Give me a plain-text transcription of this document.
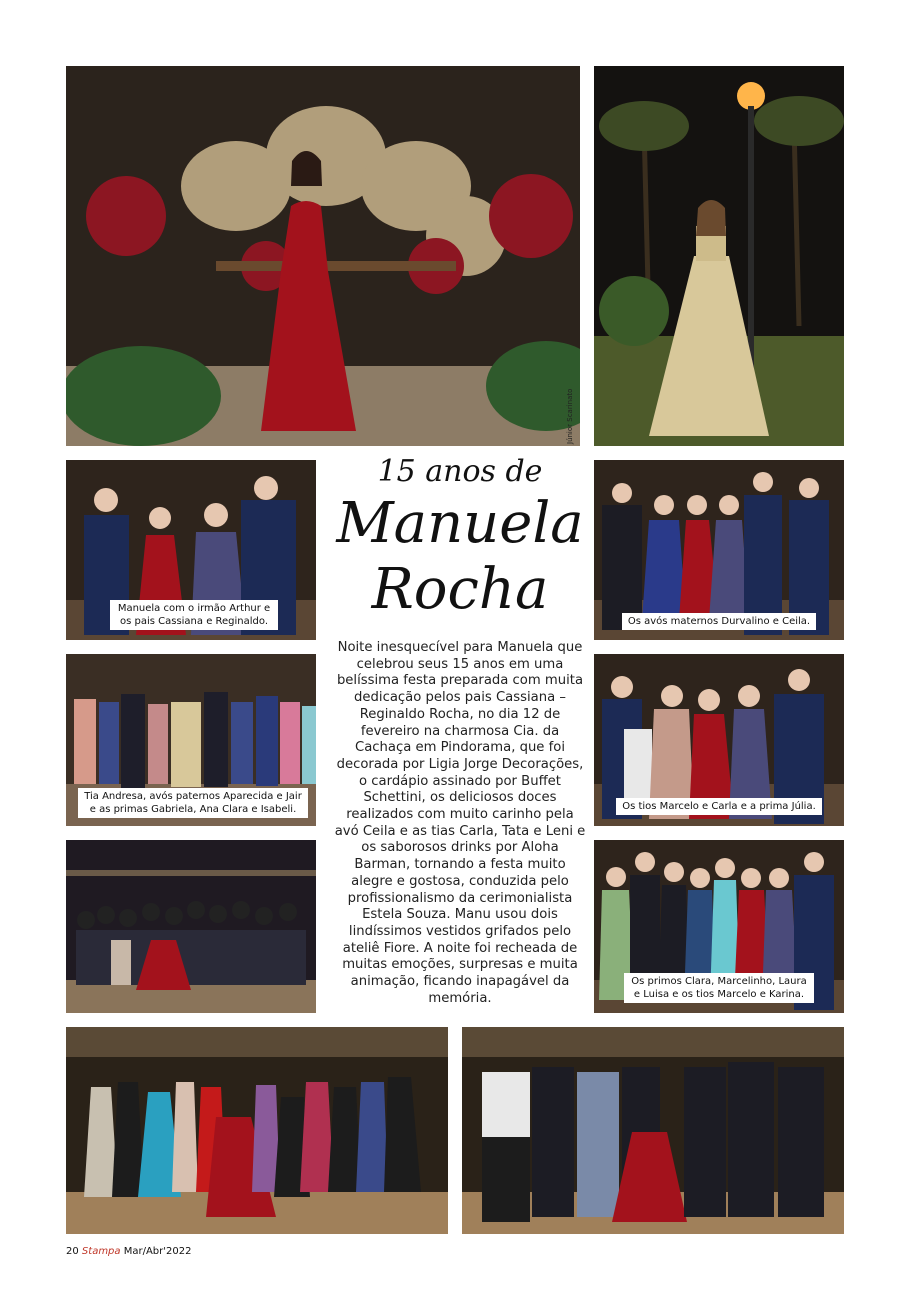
Júnior Scarinato
Manuela com o irmão Arthur e
os pais Cassiana e Reginaldo.
Tia Andresa, avós paternos Aparecida e Jair
e as primas Gabriela, Ana Clara e Isabeli.
Os avós maternos Durvalino e Ceila.
Os tios Marcelo e Carla e a prima Júlia.
Os primos Clara, Marcelinho, Laura
e Luisa e os tios Marcelo e Karina.
15 anos de
Manuela
Rocha
Noite inesquecível para Manuela que celebrou seus 15 anos em uma belíssima festa preparada com muita dedicação pelos pais Cassiana – Reginaldo Rocha, no dia 12 de fevereiro na charmosa Cia. da Cachaça em Pindorama, que foi decorada por Ligia Jorge Decorações, o cardápio assinado por Buffet Schettini, os deliciosos doces realizados com muito carinho pela avó Ceila e as tias Carla, Tata e Leni e os saborosos drinks por Aloha Barman, tornando a festa muito alegre e gostosa, conduzida pelo profissionalismo da cerimonialista Estela Souza. Manu usou dois lindíssimos vestidos grifados pelo ateliê Fiore. A noite foi recheada de muitas emoções, surpresas e muita animação, ficando inapagável da memória.
20 Stampa Mar/Abr'2022
